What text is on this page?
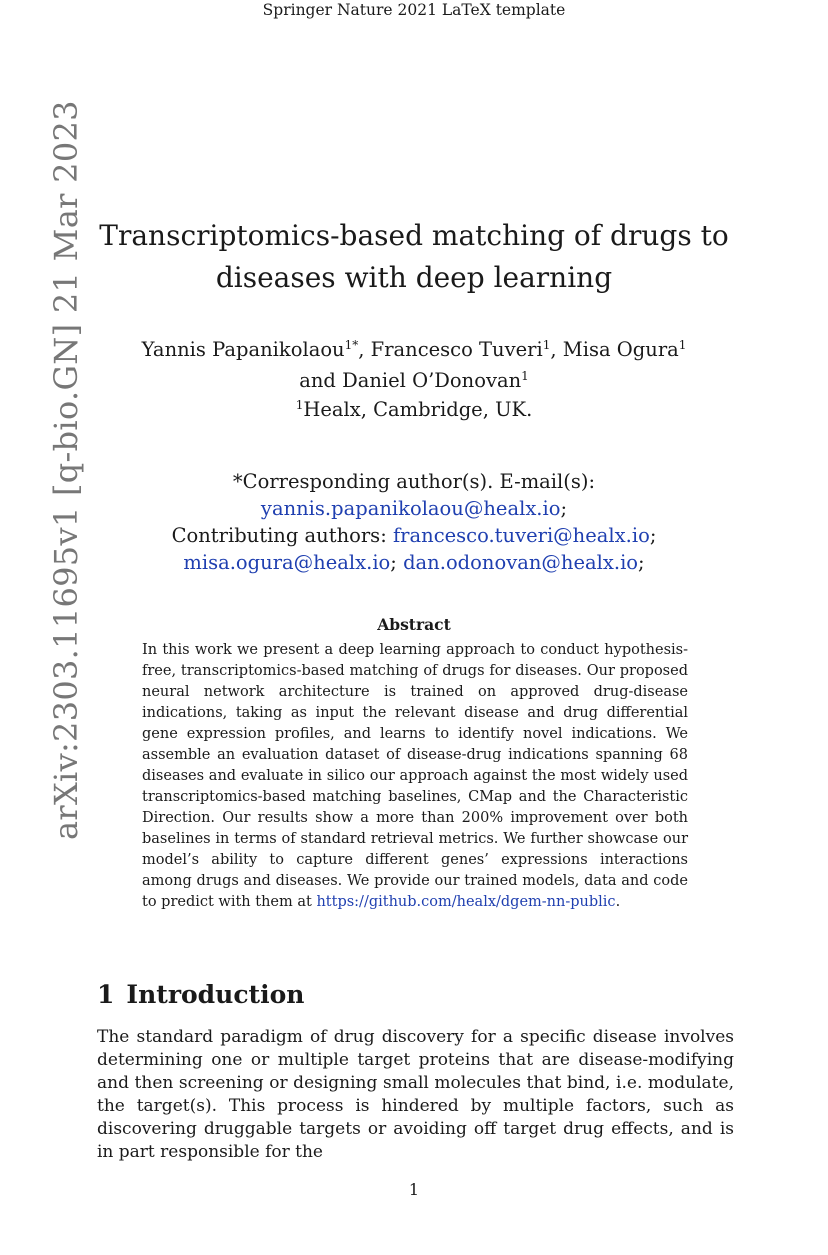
Springer Nature 2021 LaTeX template
arXiv:2303.11695v1 [q-bio.GN] 21 Mar 2023 Transcriptomics-based matching of drugs to
diseases with deep learning
Yannis Papanikolaou$^{1*}$, Francesco Tuveri$^1$, Misa Ogura$^1$
and Daniel O’Donovan$^1$
$^1$Healx, Cambridge, UK.
*Corresponding author(s). E-mail(s):
yannis.papanikolaou@healx.io;
Contributing authors: francesco.tuveri@healx.io;
misa.ogura@healx.io; dan.odonovan@healx.io;
Abstract
In this work we present a deep learning approach to conduct hypothesis-free, transcriptomics-based matching of drugs for diseases. Our proposed neural network architecture is trained on approved drug-disease indications, taking as input the relevant disease and drug differential gene expression profiles, and learns to identify novel indications. We assemble an evaluation dataset of disease-drug indications spanning 68 diseases and evaluate in silico our approach against the most widely used transcriptomics-based matching baselines, CMap and the Characteristic Direction. Our results show a more than 200% improvement over both baselines in terms of standard retrieval metrics. We further showcase our model’s ability to capture different genes’ expressions interactions among drugs and diseases. We provide our trained models, data and code to predict with them at https://github.com/healx/dgem-nn-public.
1 Introduction
The standard paradigm of drug discovery for a specific disease involves determining one or multiple target proteins that are disease-modifying and then screening or designing small molecules that bind, i.e. modulate, the target(s). This process is hindered by multiple factors, such as discovering druggable targets or avoiding off target drug effects, and is in part responsible for the
1
